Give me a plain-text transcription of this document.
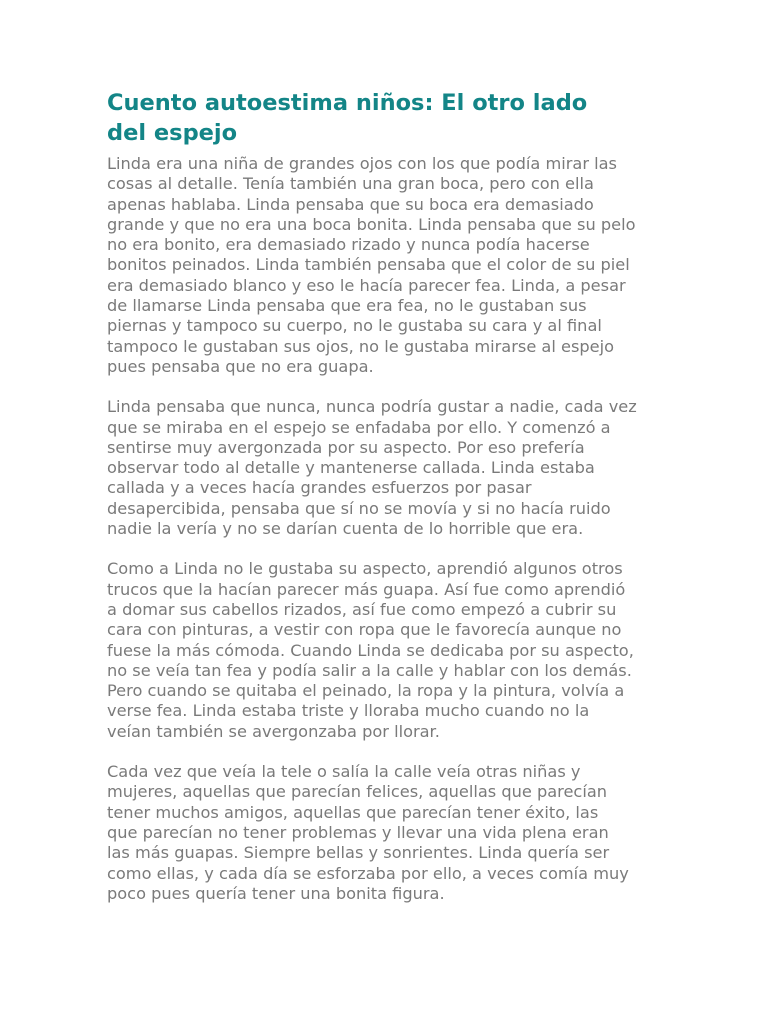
Cuento autoestima niños: El otro lado
del espejo

Linda era una niña de grandes ojos con los que podía mirar las
cosas al detalle. Tenía también una gran boca, pero con ella
apenas hablaba. Linda pensaba que su boca era demasiado
grande y que no era una boca bonita. Linda pensaba que su pelo
no era bonito, era demasiado rizado y nunca podía hacerse
bonitos peinados. Linda también pensaba que el color de su piel
era demasiado blanco y eso le hacía parecer fea. Linda, a pesar
de llamarse Linda pensaba que era fea, no le gustaban sus
piernas y tampoco su cuerpo, no le gustaba su cara y al final
tampoco le gustaban sus ojos, no le gustaba mirarse al espejo
pues pensaba que no era guapa.

Linda pensaba que nunca, nunca podría gustar a nadie, cada vez
que se miraba en el espejo se enfadaba por ello. Y comenzó a
sentirse muy avergonzada por su aspecto. Por eso prefería
observar todo al detalle y mantenerse callada. Linda estaba
callada y a veces hacía grandes esfuerzos por pasar
desapercibida, pensaba que sí no se movía y si no hacía ruido
nadie la vería y no se darían cuenta de lo horrible que era.

Como a Linda no le gustaba su aspecto, aprendió algunos otros
trucos que la hacían parecer más guapa. Así fue como aprendió
a domar sus cabellos rizados, así fue como empezó a cubrir su
cara con pinturas, a vestir con ropa que le favorecía aunque no
fuese la más cómoda. Cuando Linda se dedicaba por su aspecto,
no se veía tan fea y podía salir a la calle y hablar con los demás.
Pero cuando se quitaba el peinado, la ropa y la pintura, volvía a
verse fea. Linda estaba triste y lloraba mucho cuando no la
veían también se avergonzaba por llorar.

Cada vez que veía la tele o salía la calle veía otras niñas y
mujeres, aquellas que parecían felices, aquellas que parecían
tener muchos amigos, aquellas que parecían tener éxito, las
que parecían no tener problemas y llevar una vida plena eran
las más guapas. Siempre bellas y sonrientes. Linda quería ser
como ellas, y cada día se esforzaba por ello, a veces comía muy
poco pues quería tener una bonita figura.
